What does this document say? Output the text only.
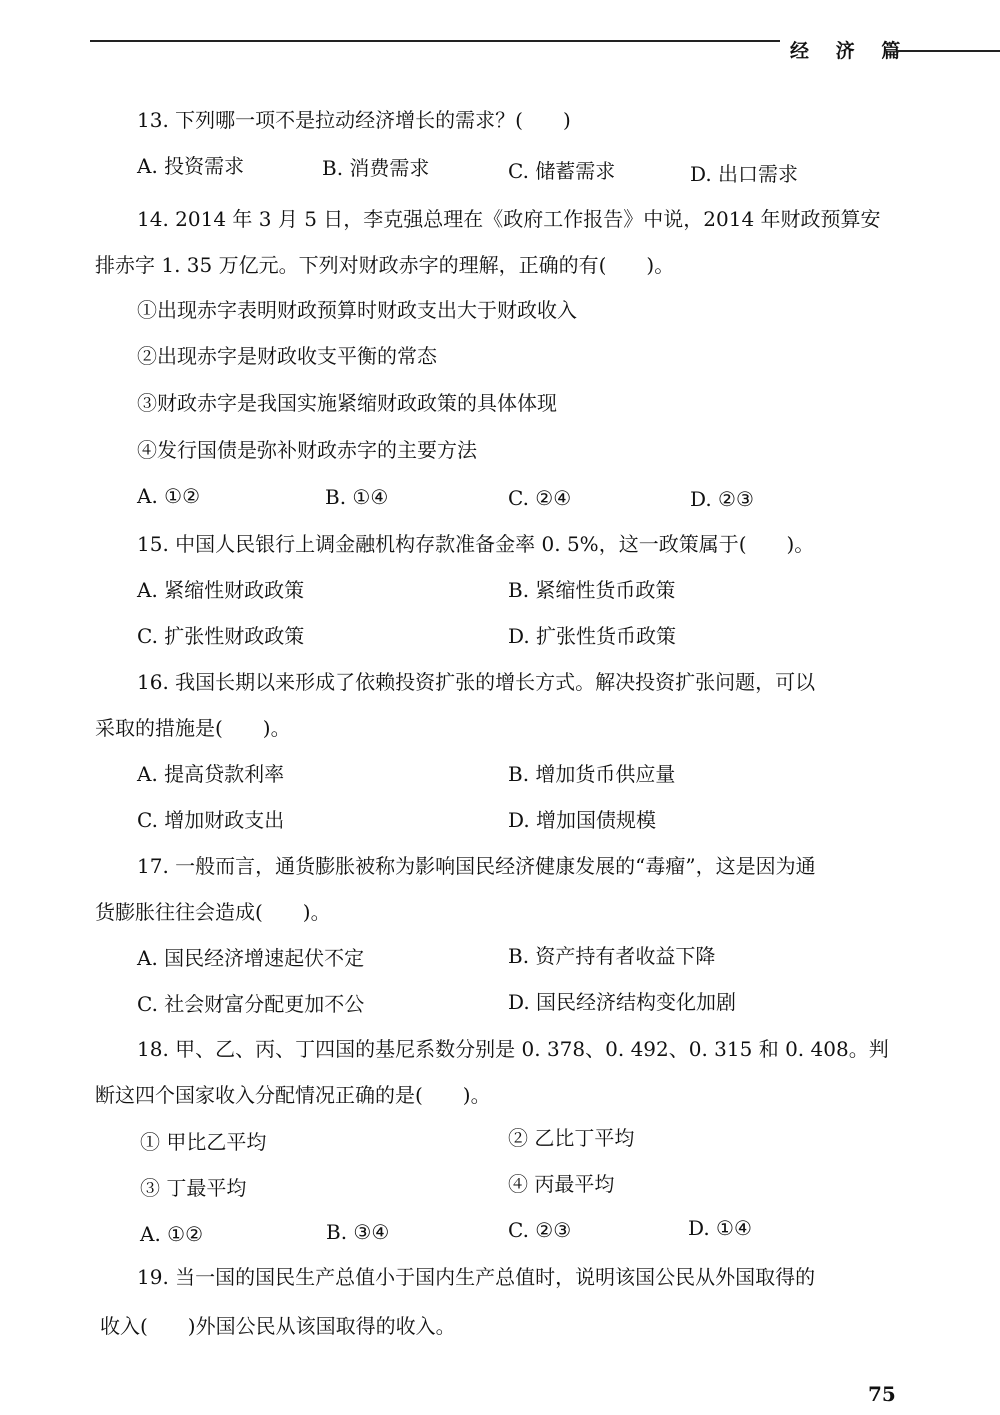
经 济 篇
13. 下列哪一项不是拉动经济增长的需求？(　　)
A. 投资需求	B. 消费需求	C. 储蓄需求	D. 出口需求
14. 2014 年 3 月 5 日，李克强总理在《政府工作报告》中说，2014 年财政预算安
排赤字 1. 35 万亿元。下列对财政赤字的理解，正确的有(　　)。
①出现赤字表明财政预算时财政支出大于财政收入
②出现赤字是财政收支平衡的常态
③财政赤字是我国实施紧缩财政政策的具体体现
④发行国债是弥补财政赤字的主要方法
A. ①②	B. ①④	C. ②④	D. ②③
15. 中国人民银行上调金融机构存款准备金率 0. 5%，这一政策属于(　　)。
A. 紧缩性财政政策	B. 紧缩性货币政策
C. 扩张性财政政策	D. 扩张性货币政策
16. 我国长期以来形成了依赖投资扩张的增长方式。解决投资扩张问题，可以
采取的措施是(　　)。
A. 提高贷款利率	B. 增加货币供应量
C. 增加财政支出	D. 增加国债规模
17. 一般而言，通货膨胀被称为影响国民经济健康发展的“毒瘤”，这是因为通
货膨胀往往会造成(　　)。
A. 国民经济增速起伏不定	B. 资产持有者收益下降
C. 社会财富分配更加不公	D. 国民经济结构变化加剧
18. 甲、乙、丙、丁四国的基尼系数分别是 0. 378、0. 492、0. 315 和 0. 408。判
断这四个国家收入分配情况正确的是(　　)。
① 甲比乙平均	② 乙比丁平均
③ 丁最平均	④ 丙最平均
A. ①②	B. ③④	C. ②③	D. ①④
19. 当一国的国民生产总值小于国内生产总值时，说明该国公民从外国取得的
收入(　　)外国公民从该国取得的收入。
75
